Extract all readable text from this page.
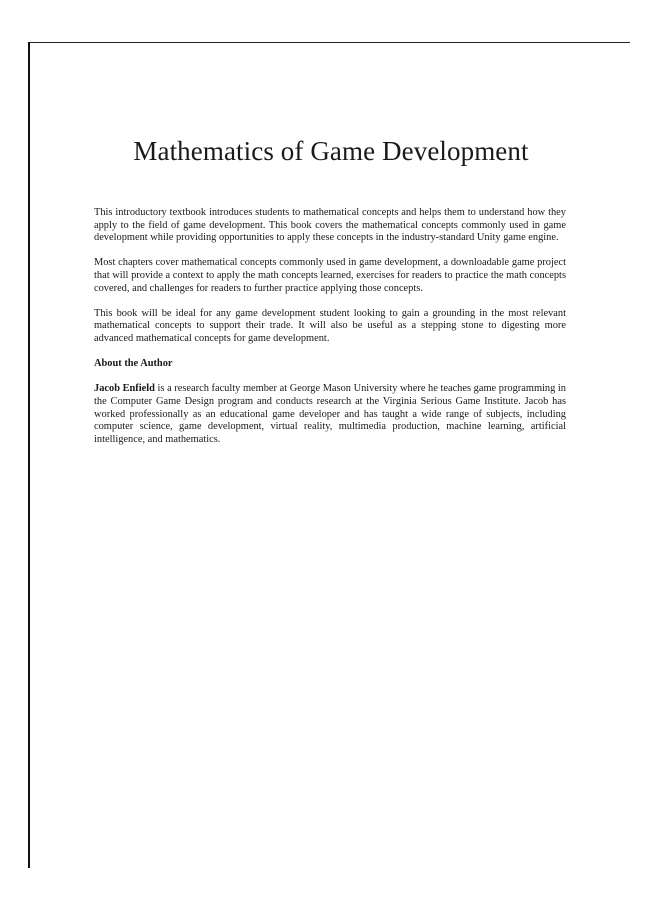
Mathematics of Game Development

This introductory textbook introduces students to mathematical concepts and helps them to understand how they apply to the field of game development. This book covers the mathematical concepts commonly used in game development while providing opportunities to apply these concepts in the industry-standard Unity game engine.

Most chapters cover mathematical concepts commonly used in game development, a downloadable game project that will provide a context to apply the math concepts learned, exercises for readers to practice the math concepts covered, and challenges for readers to further practice applying those concepts.

This book will be ideal for any game development student looking to gain a grounding in the most relevant mathematical concepts to support their trade. It will also be useful as a stepping stone to digesting more advanced mathematical concepts for game development.

About the Author

Jacob Enfield is a research faculty member at George Mason University where he teaches game programming in the Computer Game Design program and conducts research at the Virginia Serious Game Institute. Jacob has worked professionally as an educational game developer and has taught a wide range of subjects, including computer science, game development, virtual reality, multimedia production, machine learning, artificial intelligence, and mathematics.
